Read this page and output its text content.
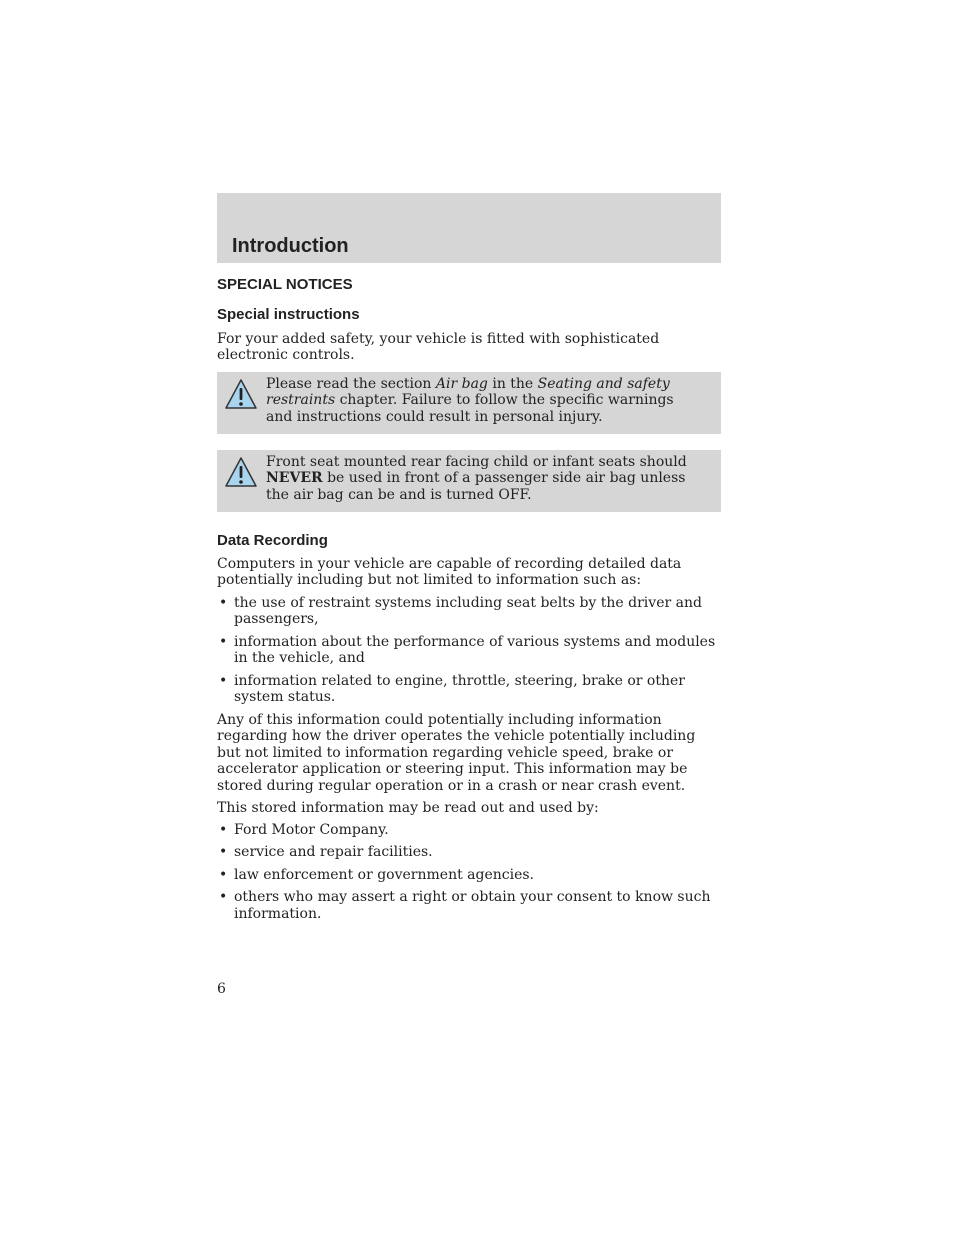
Introduction
SPECIAL NOTICES
Special instructions

For your added safety, your vehicle is fitted with sophisticated electronic controls.

Please read the section Air bag in the Seating and safety restraints chapter. Failure to follow the specific warnings and instructions could result in personal injury.

Front seat mounted rear facing child or infant seats should NEVER be used in front of a passenger side air bag unless the air bag can be and is turned OFF.

Data Recording

Computers in your vehicle are capable of recording detailed data potentially including but not limited to information such as:

• the use of restraint systems including seat belts by the driver and passengers,
• information about the performance of various systems and modules in the vehicle, and
• information related to engine, throttle, steering, brake or other system status.

Any of this information could potentially including information regarding how the driver operates the vehicle potentially including but not limited to information regarding vehicle speed, brake or accelerator application or steering input. This information may be stored during regular operation or in a crash or near crash event.

This stored information may be read out and used by:

• Ford Motor Company.
• service and repair facilities.
• law enforcement or government agencies.
• others who may assert a right or obtain your consent to know such information.

6
